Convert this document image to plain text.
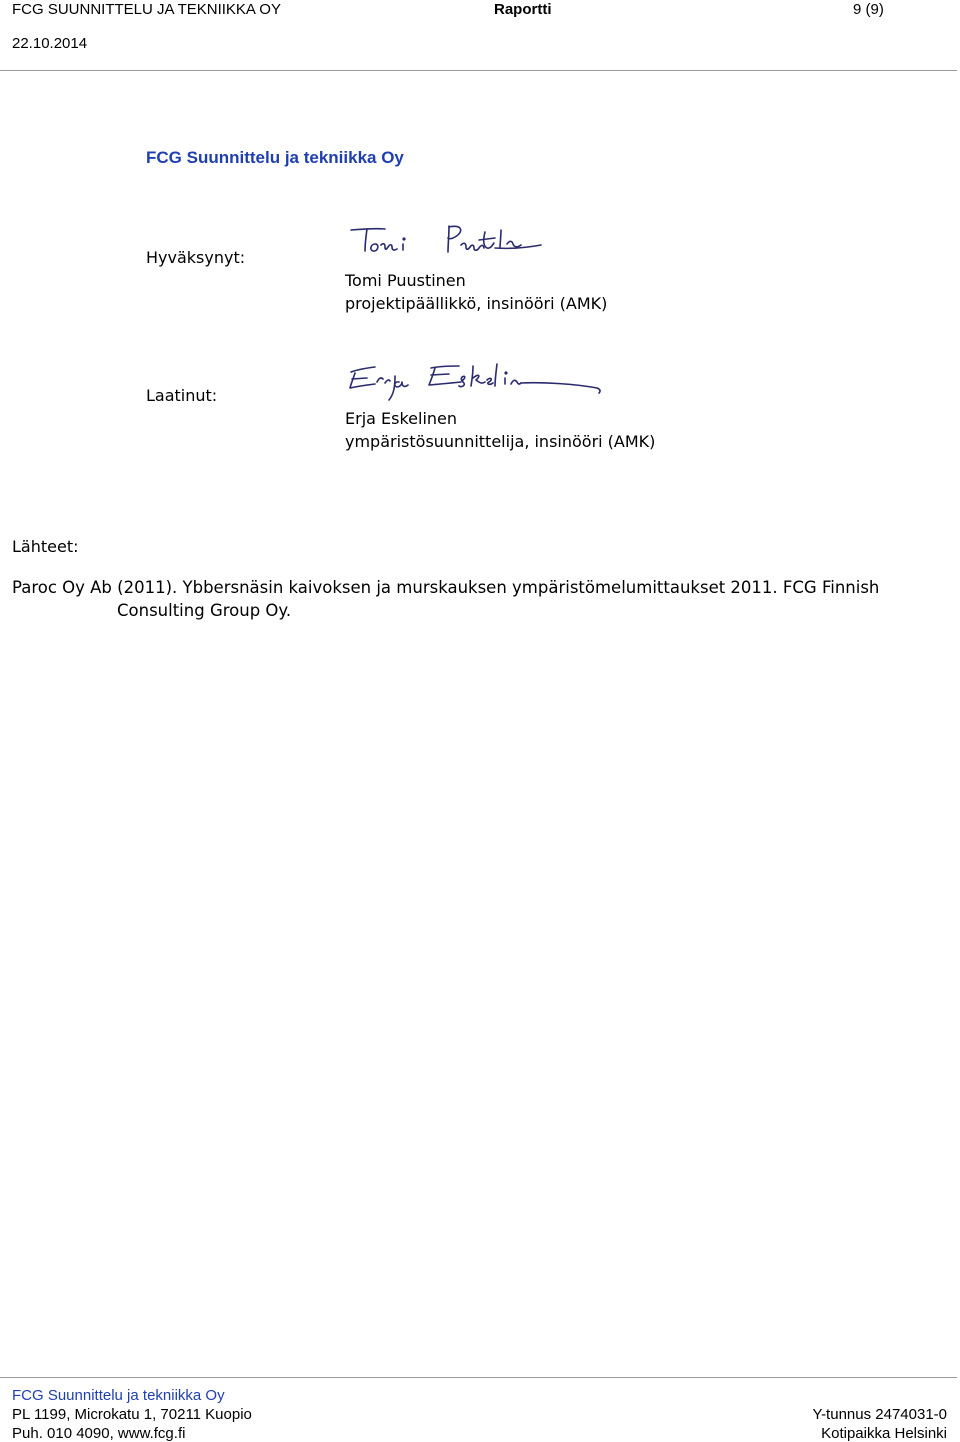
FCG SUUNNITTELU JA TEKNIIKKA OY	Raportti	9 (9)
22.10.2014
FCG Suunnittelu ja tekniikka Oy
Hyväksynyt:
Tomi Puustinen
projektipäällikkö, insinööri (AMK)
Laatinut:
Erja Eskelinen
ympäristösuunnittelija, insinööri (AMK)
Lähteet:
Paroc Oy Ab (2011). Ybbersnäsin kaivoksen ja murskauksen ympäristömelumittaukset 2011. FCG Finnish Consulting Group Oy.
FCG Suunnittelu ja tekniikka Oy
PL 1199, Microkatu 1, 70211 Kuopio
Puh. 010 4090, www.fcg.fi
Y-tunnus 2474031-0
Kotipaikka Helsinki
